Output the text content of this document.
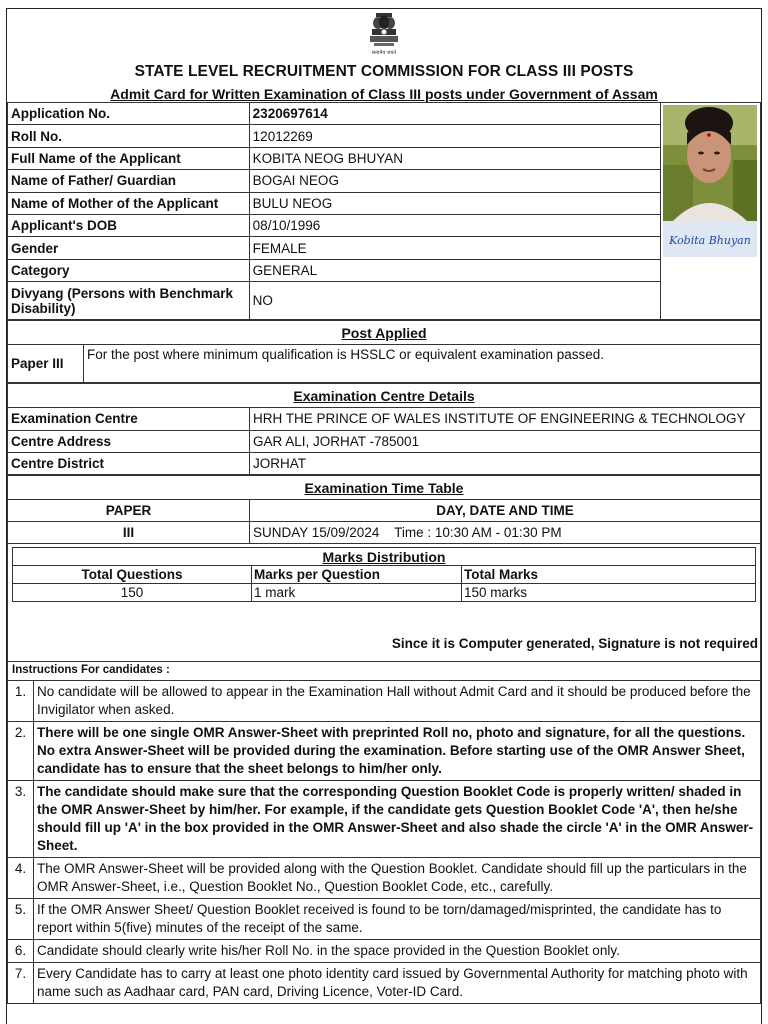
सत्यमेव जयते
STATE LEVEL RECRUITMENT COMMISSION FOR CLASS III POSTS
Admit Card for Written Examination of Class III posts under Government of Assam
Application No.	2320697614	Kobita Bhuyan

Roll No.	12012269	
Full Name of the Applicant	KOBITA NEOG BHUYAN	
Name of Father/ Guardian	BOGAI NEOG	
Name of Mother of the Applicant	BULU NEOG	
Applicant's DOB	08/10/1996	
Gender	FEMALE	
Category	GENERAL	
Divyang (Persons with Benchmark Disability)	NO	
Post Applied
Paper III	For the post where minimum qualification is HSSLC or equivalent examination passed.
Examination Centre Details	
Examination Centre	HRH THE PRINCE OF WALES INSTITUTE OF ENGINEERING & TECHNOLOGY
Centre Address	GAR ALI, JORHAT -785001
Centre District	JORHAT
Examination Time Table	
PAPER	DAY, DATE AND TIME
III	SUNDAY 15/09/2024    Time : 10:30 AM - 01:30 PM
Marks Distribution		
Total Questions	Marks per Question	Total Marks
150	1 mark	150 marks
Since it is Computer generated, Signature is not required
Instructions For candidates :
1.	No candidate will be allowed to appear in the Examination Hall without Admit Card and it should be produced before the Invigilator when asked.
2.	There will be one single OMR Answer-Sheet with preprinted Roll no, photo and signature, for all the questions. No extra Answer-Sheet will be provided during the examination. Before starting use of the OMR Answer Sheet, candidate has to ensure that the sheet belongs to him/her only.
3.	The candidate should make sure that the corresponding Question Booklet Code is properly written/ shaded in the OMR Answer-Sheet by him/her. For example, if the candidate gets Question Booklet Code 'A', then he/she should fill up 'A' in the box provided in the OMR Answer-Sheet and also shade the circle 'A' in the OMR Answer-Sheet.
4.	The OMR Answer-Sheet will be provided along with the Question Booklet. Candidate should fill up the particulars in the OMR Answer-Sheet, i.e., Question Booklet No., Question Booklet Code, etc., carefully.
5.	If the OMR Answer Sheet/ Question Booklet received is found to be torn/damaged/misprinted, the candidate has to report within 5(five) minutes of the receipt of the same.
6.	Candidate should clearly write his/her Roll No. in the space provided in the Question Booklet only.
7.	Every Candidate has to carry at least one photo identity card issued by Governmental Authority for matching photo with name such as Aadhaar card, PAN card, Driving Licence, Voter-ID Card.
